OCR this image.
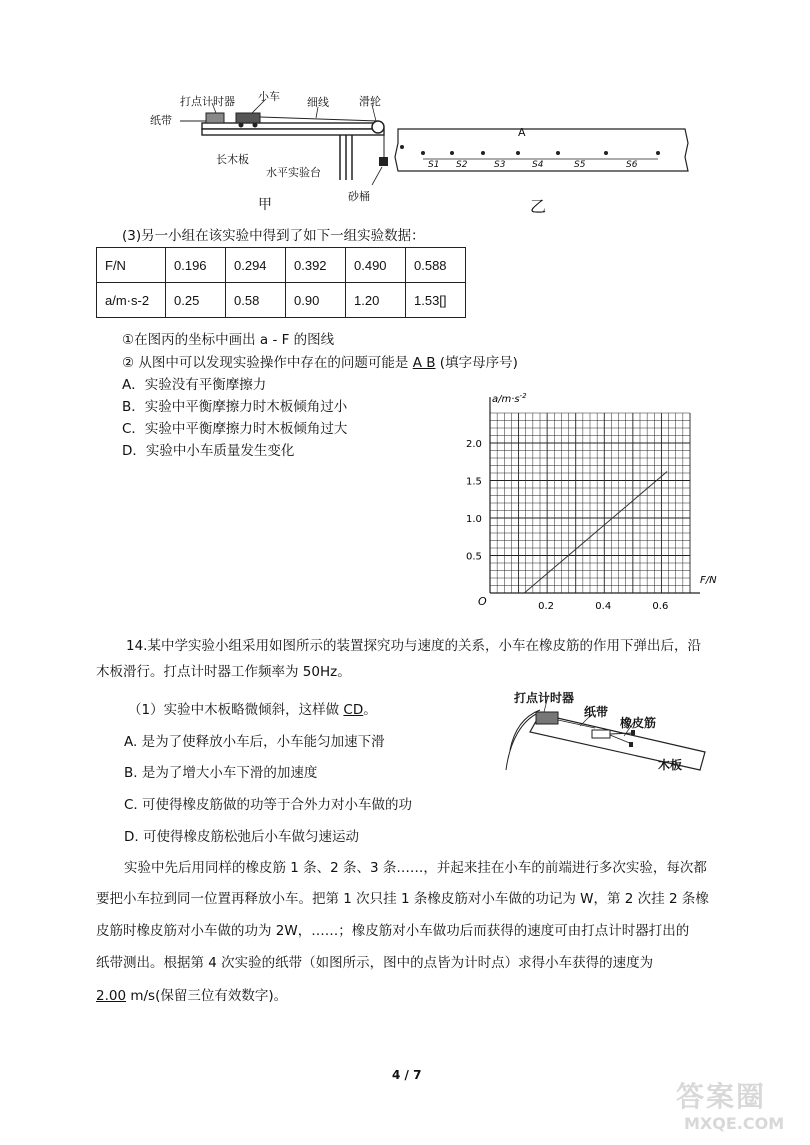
打点计时器 小车 细线	滑轮
纸带
长木板
水平实验台
砂桶
A
S1 S2	S3	S4	S5	S6
甲	乙
(3)另一小组在该实验中得到了如下一组实验数据：
F/N	0.196	0.294	0.392	0.490	0.588
a/m·s-2	0.25	0.58	0.90	1.20	1.53[]
①在图丙的坐标中画出 a - F 的图线
② 从图中可以发现实验操作中存在的问题可能是 A B (填字母序号)
A．实验没有平衡摩擦力
B．实验中平衡摩擦力时木板倾角过小
C．实验中平衡摩擦力时木板倾角过大
D．实验中小车质量发生变化
0.2	0.4	0.6
0.5
1.0
1.5
2.0
$a/m\cdot s^{-2}$
F/N
O
14.某中学实验小组采用如图所示的装置探究功与速度的关系，小车在橡皮筋的作用下弹出后，沿
木板滑行。打点计时器工作频率为 50Hz。
（1）实验中木板略微倾斜，这样做 CD。
A. 是为了使释放小车后，小车能匀加速下滑
B. 是为了增大小车下滑的加速度
C. 可使得橡皮筋做的功等于合外力对小车做的功
D. 可使得橡皮筋松弛后小车做匀速运动
打点计时器
纸带
橡皮筋
木板
实验中先后用同样的橡皮筋 1 条、2 条、3 条……，并起来挂在小车的前端进行多次实验，每次都
要把小车拉到同一位置再释放小车。把第 1 次只挂 1 条橡皮筋对小车做的功记为 W，第 2 次挂 2 条橡
皮筋时橡皮筋对小车做的功为 2W，……；橡皮筋对小车做功后而获得的速度可由打点计时器打出的
纸带测出。根据第 4 次实验的纸带（如图所示，图中的点皆为计时点）求得小车获得的速度为
2.00 m/s(保留三位有效数字)。
4 / 7
答案圈
MXQE.COM
